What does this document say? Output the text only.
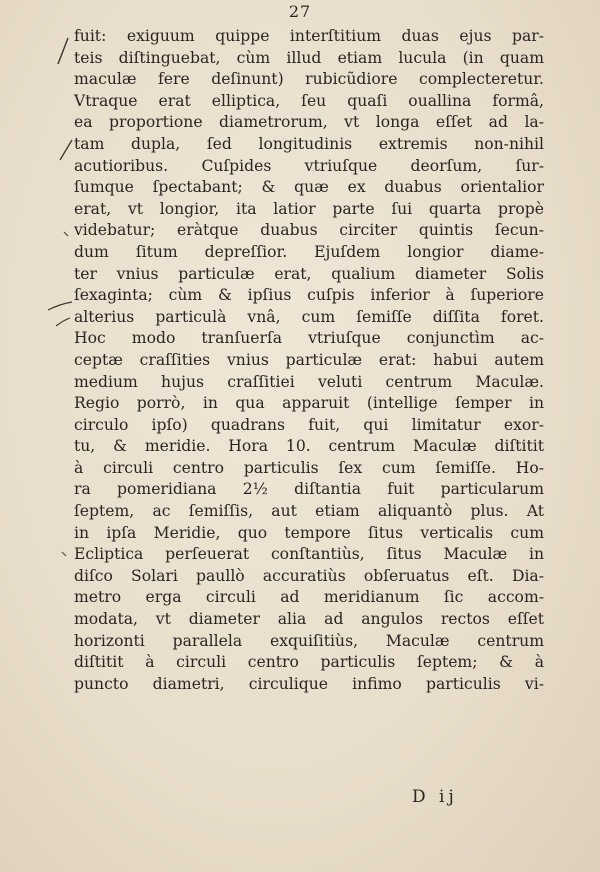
27
fuit: exiguum quippe interſtitium duas ejus par-
teis diſtinguebat, cùm illud etiam lucula (in quam
maculæ fere deſinunt) rubicũdiore complecteretur.
Vtraque erat elliptica, ſeu quaſi ouallina formâ,
ea proportione diametrorum, vt longa eſſet ad la-
tam dupla, ſed longitudinis extremis non-nihil
acutioribus. Cuſpides vtriuſque deorſum, ſur-
ſumque ſpectabant; & quæ ex duabus orientalior
erat, vt longior, ita latior parte ſui quarta propè
videbatur; eràtque duabus circiter quintis ſecun-
dum ſitum depreſſior. Ejuſdem longior diame-
ter vnius particulæ erat, qualium diameter Solis
ſexaginta; cùm & ipſius cuſpis inferior à ſuperiore
alterius particulà vnâ, cum ſemiſſe diſſita foret.
Hoc modo tranſuerſa vtriuſque conjunctìm ac-
ceptæ craſſities vnius particulæ erat: habui autem
medium hujus craſſitiei veluti centrum Maculæ.
Regio porrò, in qua apparuit (intellige ſemper in
circulo ipſo) quadrans fuit, qui limitatur exor-
tu, & meridie. Hora 10. centrum Maculæ diſtitit
à circuli centro particulis ſex cum ſemiſſe. Ho-
ra pomeridiana 2½ diſtantia fuit particularum
ſeptem, ac ſemiſſis, aut etiam aliquantò plus. At
in ipſa Meridie, quo tempore ſitus verticalis cum
Ecliptica perſeuerat conſtantiùs, ſitus Maculæ in
diſco Solari paullò accuratiùs obſeruatus eſt. Dia-
metro erga circuli ad meridianum ſic accom-
modata, vt diameter alia ad angulos rectos eſſet
horizonti parallela exquiſitiùs, Maculæ centrum
diſtitit à circuli centro particulis ſeptem; & à
puncto diametri, circulique infimo particulis vi-
D ij
